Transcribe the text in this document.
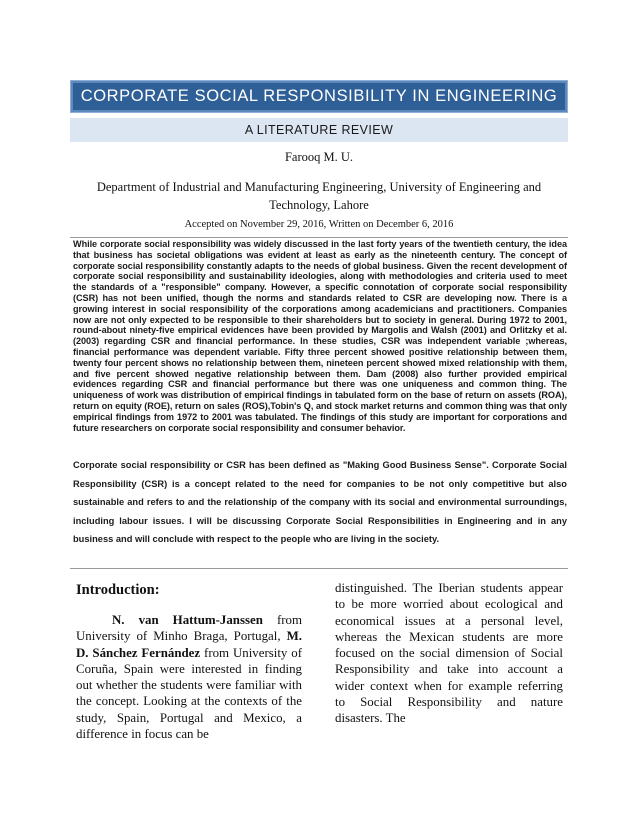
CORPORATE SOCIAL RESPONSIBILITY IN ENGINEERING
A LITERATURE REVIEW
Farooq M. U.
Department of Industrial and Manufacturing Engineering, University of Engineering and Technology, Lahore
Accepted on November 29, 2016, Written on December 6, 2016
While corporate social responsibility was widely discussed in the last forty years of the twentieth century, the idea that business has societal obligations was evident at least as early as the nineteenth century. The concept of corporate social responsibility constantly adapts to the needs of global business. Given the recent development of corporate social responsibility and sustainability ideologies, along with methodologies and criteria used to meet the standards of a "responsible" company. However, a specific connotation of corporate social responsibility (CSR) has not been unified, though the norms and standards related to CSR are developing now. There is a growing interest in social responsibility of the corporations among academicians and practitioners. Companies now are not only expected to be responsible to their shareholders but to society in general. During 1972 to 2001, round-about ninety-five empirical evidences have been provided by Margolis and Walsh (2001) and Orlitzky et al. (2003) regarding CSR and financial performance. In these studies, CSR was independent variable ;whereas, financial performance was dependent variable. Fifty three percent showed positive relationship between them, twenty four percent shows no relationship between them, nineteen percent showed mixed relationship with them, and five percent showed negative relationship between them. Dam (2008) also further provided empirical evidences regarding CSR and financial performance but there was one uniqueness and common thing. The uniqueness of work was distribution of empirical findings in tabulated form on the base of return on assets (ROA), return on equity (ROE), return on sales (ROS),Tobin's Q, and stock market returns and common thing was that only empirical findings from 1972 to 2001 was tabulated. The findings of this study are important for corporations and future researchers on corporate social responsibility and consumer behavior.
Corporate social responsibility or CSR has been defined as "Making Good Business Sense". Corporate Social Responsibility (CSR) is a concept related to the need for companies to be not only competitive but also sustainable and refers to and the relationship of the company with its social and environmental surroundings, including labour issues. I will be discussing Corporate Social Responsibilities in Engineering and in any business and will conclude with respect to the people who are living in the society.
Introduction:
N. van Hattum-Janssen from University of Minho Braga, Portugal, M. D. Sánchez Fernández from University of Coruña, Spain were interested in finding out whether the students were familiar with the concept. Looking at the contexts of the study, Spain, Portugal and Mexico, a difference in focus can be
distinguished. The Iberian students appear to be more worried about ecological and economical issues at a personal level, whereas the Mexican students are more focused on the social dimension of Social Responsibility and take into account a wider context when for example referring to Social Responsibility and nature disasters. The
